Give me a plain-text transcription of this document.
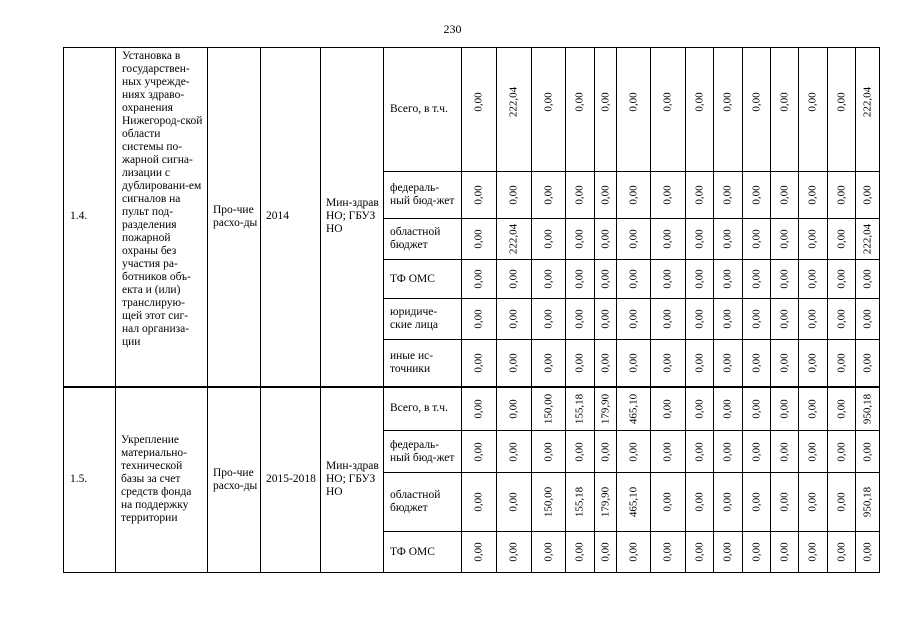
230
1.4.	Установка в государствен-ных учрежде-ниях здраво-охранения Нижегород-ской области системы по-жарной сигна-лизации с дублировани-ем сигналов на пульт под-разделения пожарной охраны без участия ра-ботников объ-екта и (или) транслирую-щей этот сиг-нал организа-ции	Про-чие расхо-ды	2014	Мин-здрав НО; ГБУЗ НО	Всего, в т.ч.	0,00	222,04	0,00	0,00	0,00	0,00	0,00	0,00	0,00	0,00	0,00	0,00	0,00	222,04

					федераль-ный бюд-жет	0,00	0,00	0,00	0,00	0,00	0,00	0,00	0,00	0,00	0,00	0,00	0,00	0,00	0,00

					областной бюджет	0,00	222,04	0,00	0,00	0,00	0,00	0,00	0,00	0,00	0,00	0,00	0,00	0,00	222,04

					ТФ ОМС	0,00	0,00	0,00	0,00	0,00	0,00	0,00	0,00	0,00	0,00	0,00	0,00	0,00	0,00

					юридиче-ские лица	0,00	0,00	0,00	0,00	0,00	0,00	0,00	0,00	0,00	0,00	0,00	0,00	0,00	0,00

					иные ис-точники	0,00	0,00	0,00	0,00	0,00	0,00	0,00	0,00	0,00	0,00	0,00	0,00	0,00	0,00

1.5.	Укрепление материально-технической базы за счет средств фонда на поддержку территории	Про-чие расхо-ды	2015-2018	Мин-здрав НО; ГБУЗ НО	Всего, в т.ч.	0,00	0,00	150,00	155,18	179,90	465,10	0,00	0,00	0,00	0,00	0,00	0,00	0,00	950,18

					федераль-ный бюд-жет	0,00	0,00	0,00	0,00	0,00	0,00	0,00	0,00	0,00	0,00	0,00	0,00	0,00	0,00

					областной бюджет	0,00	0,00	150,00	155,18	179,90	465,10	0,00	0,00	0,00	0,00	0,00	0,00	0,00	950,18

					ТФ ОМС	0,00	0,00	0,00	0,00	0,00	0,00	0,00	0,00	0,00	0,00	0,00	0,00	0,00	0,00
